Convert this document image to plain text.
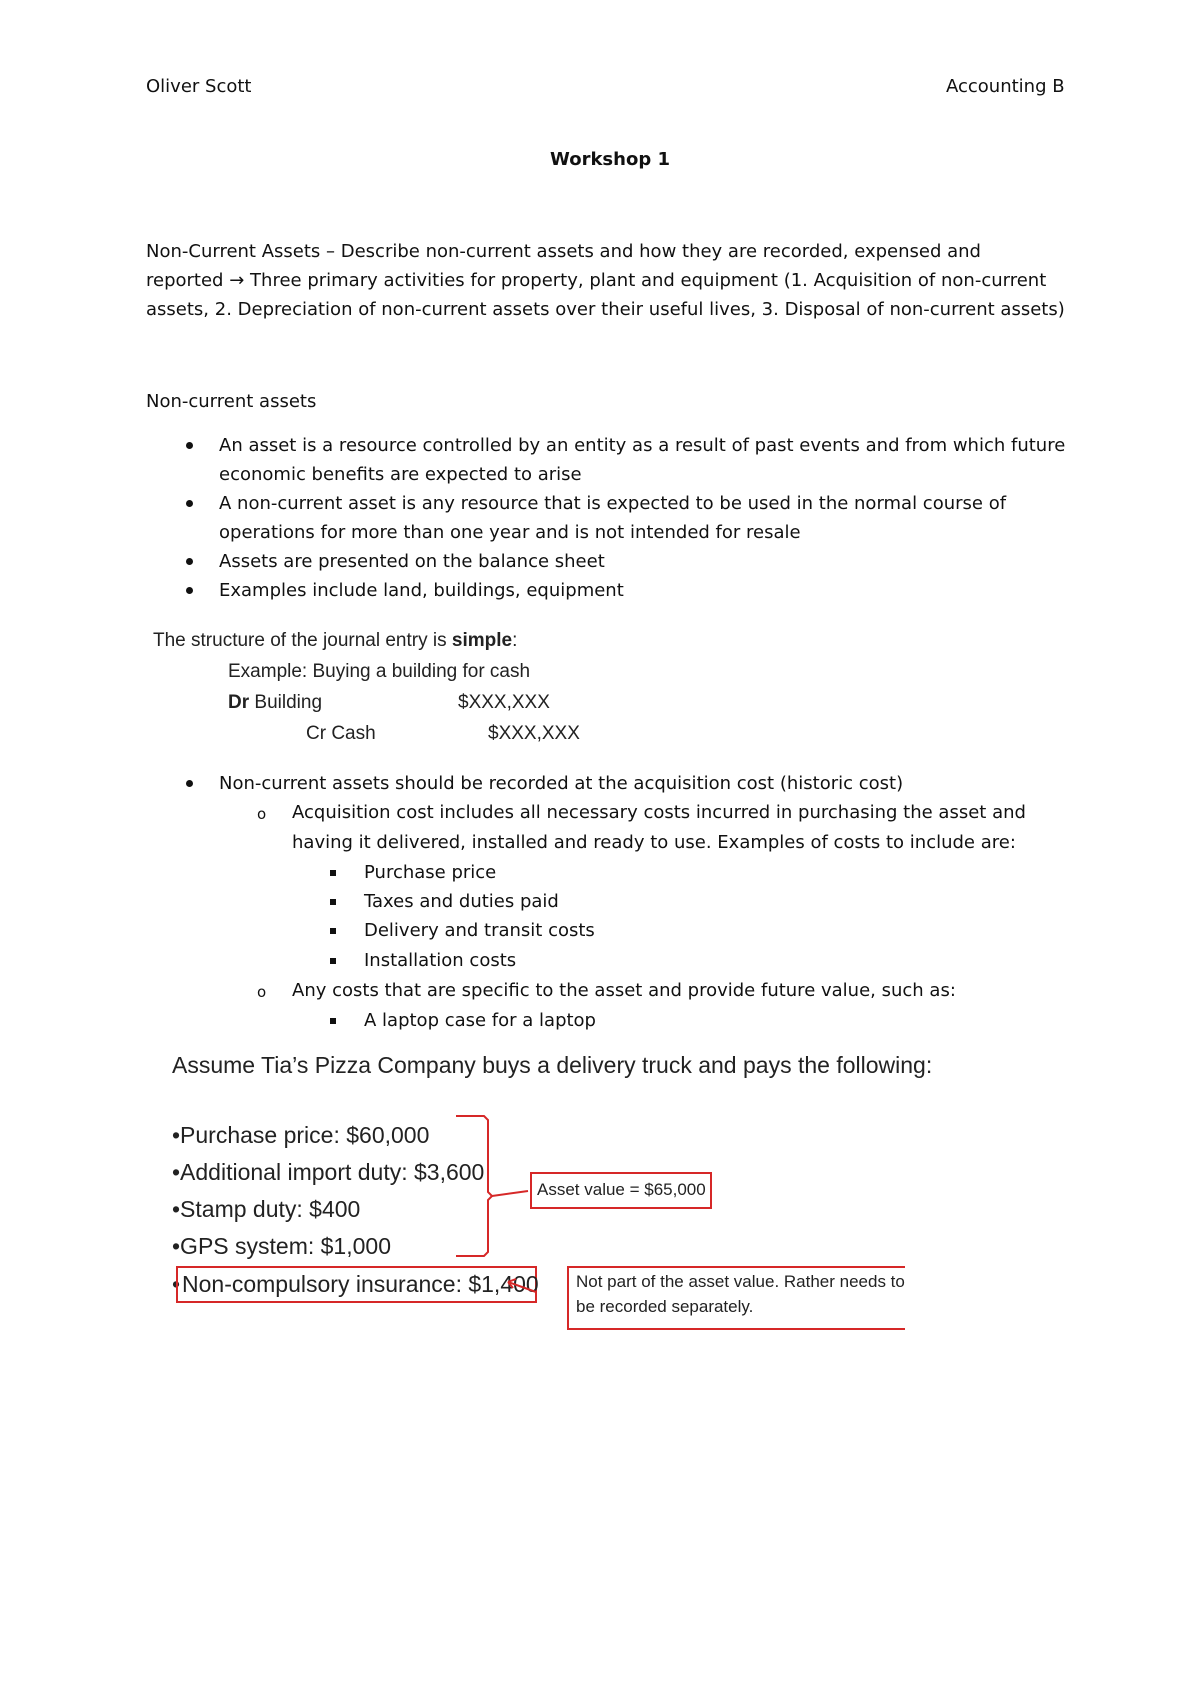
Oliver Scott	Accounting B
Workshop 1
Non-Current Assets – Describe non-current assets and how they are recorded, expensed and
reported → Three primary activities for property, plant and equipment (1. Acquisition of non-current
assets, 2. Depreciation of non-current assets over their useful lives, 3. Disposal of non-current assets)
Non-current assets
An asset is a resource controlled by an entity as a result of past events and from which future
economic benefits are expected to arise
A non-current asset is any resource that is expected to be used in the normal course of
operations for more than one year and is not intended for resale
Assets are presented on the balance sheet
Examples include land, buildings, equipment
The structure of the journal entry is simple:
Example: Buying a building for cash
Dr Building	$XXX,XXX
Cr Cash	$XXX,XXX
Non-current assets should be recorded at the acquisition cost (historic cost)
o Acquisition cost includes all necessary costs incurred in purchasing the asset and
having it delivered, installed and ready to use. Examples of costs to include are:
Purchase price
Taxes and duties paid
Delivery and transit costs
Installation costs
o Any costs that are specific to the asset and provide future value, such as:
A laptop case for a laptop
Assume Tia’s Pizza Company buys a delivery truck and pays the following:
•Purchase price: $60,000
•Additional import duty: $3,600
•Stamp duty: $400
•GPS system: $1,000
• Non-compulsory insurance: $1,400
Asset value = $65,000
Not part of the asset value. Rather needs to
be recorded separately.
